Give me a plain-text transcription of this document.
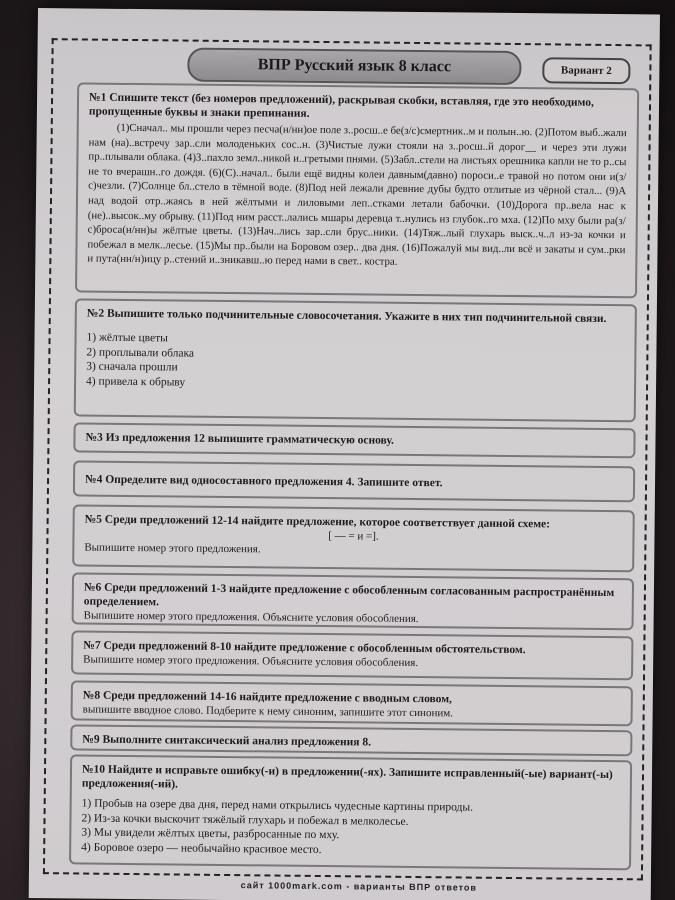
ВПР Русский язык 8 класс	Вариант 2
№1 Спишите текст (без номеров предложений), раскрывая скобки, вставляя, где это необходимо, пропущенные буквы и знаки препинания.
(1)Сначал.. мы прошли через песча(н/нн)ое поле з..росш..е бе(з/с)смертник..м и полын..ю. (2)Потом выб..жали нам (на)..встречу зар..сли молоденьких сос..н. (3)Чистые лужи стояли на з..росш..й дорог__ и через эти лужи пр..плывали облака. (4)З..пахло земл..никой и..гретыми пнями. (5)Забл..стели на листьях орешника капли не то р..сы не то вчерашн..го дождя. (6)(С)..начал.. были ещё видны колеи давным(давно) пороси..е травой но потом они и(з/с)чезли. (7)Солнце бл..стело в тёмной воде. (8)Под ней лежали древние дубы будто отлитые из чёрной стал... (9)А над водой отр..жаясь в ней жёлтыми и лиловыми леп..стками летали бабочки. (10)Дорога пр..вела нас к (не)..высок..му обрыву. (11)Под ним расст..лались мшары деревца т..нулись из глубок..го мха. (12)По мху были ра(з/с)броса(н/нн)ы жёлтые цветы. (13)Нач..лись зар..сли брус..ники. (14)Тяж..лый глухарь выск..ч..л из-за кочки и побежал в мелк..лесье. (15)Мы пр..были на Боровом озер.. два дня. (16)Пожалуй мы вид..ли всё и закаты и сум..рки и пута(нн/н)ицу р..стений и..зникавш..ю перед нами в свет.. костра.
№2 Выпишите только подчинительные словосочетания. Укажите в них тип подчинительной связи.
1) жёлтые цветы
2) проплывали облака
3) сначала прошли
4) привела к обрыву
№3 Из предложения 12 выпишите грамматическую основу.
№4 Определите вид односоставного предложения 4. Запишите ответ.
№5 Среди предложений 12-14 найдите предложение, которое соответствует данной схеме:
[ — = и =].
Выпишите номер этого предложения.
№6 Среди предложений 1-3 найдите предложение с обособленным согласованным распространённым определением.
Выпишите номер этого предложения. Объясните условия обособления.
№7 Среди предложений 8-10 найдите предложение с обособленным обстоятельством.
Выпишите номер этого предложения. Объясните условия обособления.
№8 Среди предложений 14-16 найдите предложение с вводным словом,
выпишите вводное слово. Подберите к нему синоним, запишите этот синоним.
№9 Выполните синтаксический анализ предложения 8.
№10 Найдите и исправьте ошибку(-и) в предложении(-ях). Запишите исправленный(-ые) вариант(-ы) предложения(-ий).
1) Пробыв на озере два дня, перед нами открылись чудесные картины природы.
2) Из-за кочки выскочит тяжёлый глухарь и побежал в мелколесье.
3) Мы увидели жёлтых цветы, разбросанные по мху.
4) Боровое озеро — необычайно красивое место.
сайт 1000mark.com - варианты ВПР ответов
